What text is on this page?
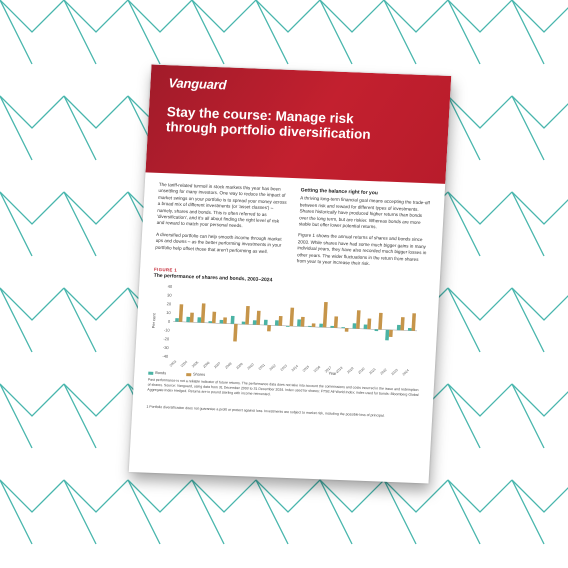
Vanguard
Stay the course: Manage risk through portfolio diversification

The tariff-related turmoil in stock markets this year has been unsettling for many investors. One way to reduce the impact of market swings on your portfolio is to spread your money across a broad mix of different investments (or 'asset classes') – namely, shares and bonds. This is often referred to as 'diversification', and it's all about finding the right level of risk and reward to match your personal needs.

A diversified portfolio can help smooth income through market ups and downs – as the better performing investments in your portfolio help offset those that aren't performing as well.

Getting the balance right for you

A thriving long-term financial goal means accepting the trade-off between risk and reward for different types of investments. Shares historically have produced higher returns than bonds over the long term, but are riskier. Whereas bonds are more stable but offer lower potential returns.

Figure 1 shows the annual returns of shares and bonds since 2003. While shares have had some much bigger gains in many individual years, they have also recorded much bigger losses in other years. The wider fluctuations in the return from shares from year to year increase their risk.

FIGURE 1
The performance of shares and bonds, 2003–2024
Per cent
40
30
20
10
0
-10
-20
-30
-40
2003 2004 2005 2006 2007 2008 2009 2010 2011 2012 2013 2014 2015 2016 2017 2018 2019 2020 2021 2022 2023 2024
Year
Bonds	Shares
Past performance is not a reliable indicator of future returns. The performance data does not take into account the commissions and costs incurred in the issue and redemption of shares. Source: Vanguard, using data from 31 December 2003 to 31 December 2024. Index used for shares: FTSE All-World Index; index used for bonds: Bloomberg Global Aggregate Index Hedged. Returns are in pound sterling with income reinvested.
1 Portfolio diversification does not guarantee a profit or protect against loss. Investments are subject to market risk, including the possible loss of principal.
